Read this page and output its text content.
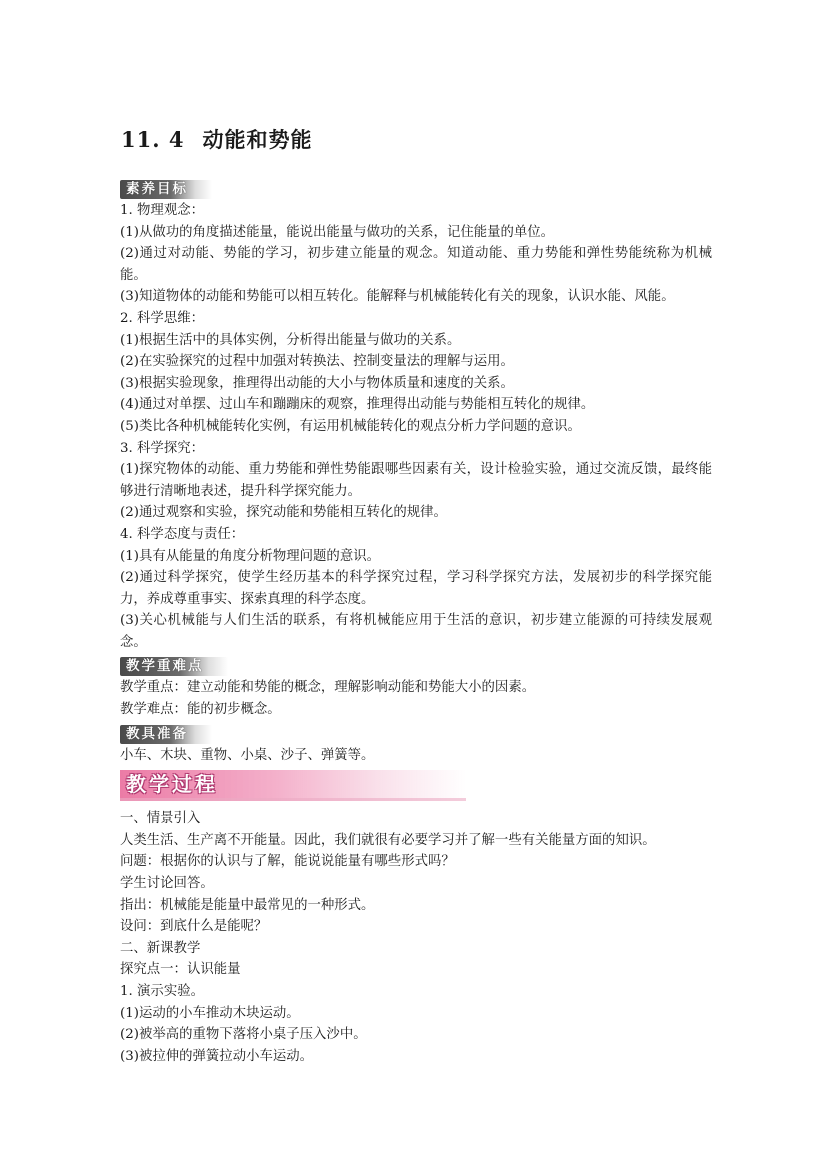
11. 4 动能和势能
素养目标
1. 物理观念：
(1)从做功的角度描述能量，能说出能量与做功的关系，记住能量的单位。
(2)通过对动能、势能的学习，初步建立能量的观念。知道动能、重力势能和弹性势能统称为机械能。
(3)知道物体的动能和势能可以相互转化。能解释与机械能转化有关的现象，认识水能、风能。
2. 科学思维：
(1)根据生活中的具体实例，分析得出能量与做功的关系。
(2)在实验探究的过程中加强对转换法、控制变量法的理解与运用。
(3)根据实验现象，推理得出动能的大小与物体质量和速度的关系。
(4)通过对单摆、过山车和蹦蹦床的观察，推理得出动能与势能相互转化的规律。
(5)类比各种机械能转化实例，有运用机械能转化的观点分析力学问题的意识。
3. 科学探究：
(1)探究物体的动能、重力势能和弹性势能跟哪些因素有关，设计检验实验，通过交流反馈，最终能够进行清晰地表述，提升科学探究能力。
(2)通过观察和实验，探究动能和势能相互转化的规律。
4. 科学态度与责任：
(1)具有从能量的角度分析物理问题的意识。
(2)通过科学探究，使学生经历基本的科学探究过程，学习科学探究方法，发展初步的科学探究能力，养成尊重事实、探索真理的科学态度。
(3)关心机械能与人们生活的联系，有将机械能应用于生活的意识，初步建立能源的可持续发展观念。
教学重难点
教学重点：建立动能和势能的概念，理解影响动能和势能大小的因素。
教学难点：能的初步概念。
教具准备
小车、木块、重物、小桌、沙子、弹簧等。
教学过程
一、情景引入
人类生活、生产离不开能量。因此，我们就很有必要学习并了解一些有关能量方面的知识。
问题：根据你的认识与了解，能说说能量有哪些形式吗？
学生讨论回答。
指出：机械能是能量中最常见的一种形式。
设问：到底什么是能呢？
二、新课教学
探究点一：认识能量
1. 演示实验。
(1)运动的小车推动木块运动。
(2)被举高的重物下落将小桌子压入沙中。
(3)被拉伸的弹簧拉动小车运动。
